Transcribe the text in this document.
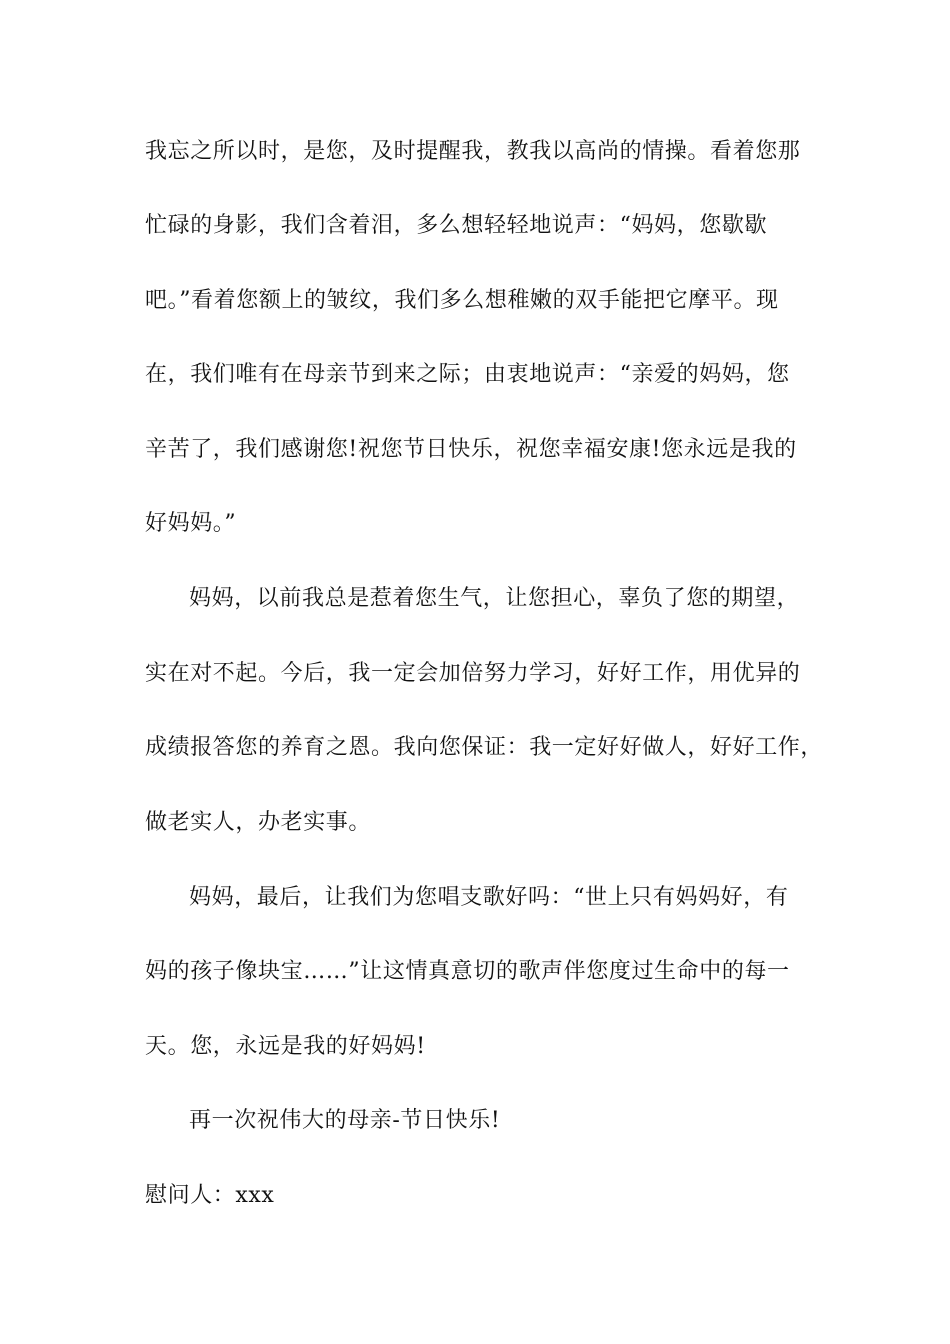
我忘之所以时，是您，及时提醒我，教我以高尚的情操。看着您那
忙碌的身影，我们含着泪，多么想轻轻地说声：“妈妈，您歇歇
吧。”看着您额上的皱纹，我们多么想稚嫩的双手能把它摩平。现
在，我们唯有在母亲节到来之际；由衷地说声：“亲爱的妈妈，您
辛苦了，我们感谢您!祝您节日快乐，祝您幸福安康!您永远是我的
好妈妈。”
妈妈，以前我总是惹着您生气，让您担心，辜负了您的期望，
实在对不起。今后，我一定会加倍努力学习，好好工作，用优异的
成绩报答您的养育之恩。我向您保证：我一定好好做人，好好工作，
做老实人，办老实事。
妈妈，最后，让我们为您唱支歌好吗：“世上只有妈妈好，有
妈的孩子像块宝……”让这情真意切的歌声伴您度过生命中的每一
天。您，永远是我的好妈妈!
再一次祝伟大的母亲-节日快乐!
慰问人：xxx
